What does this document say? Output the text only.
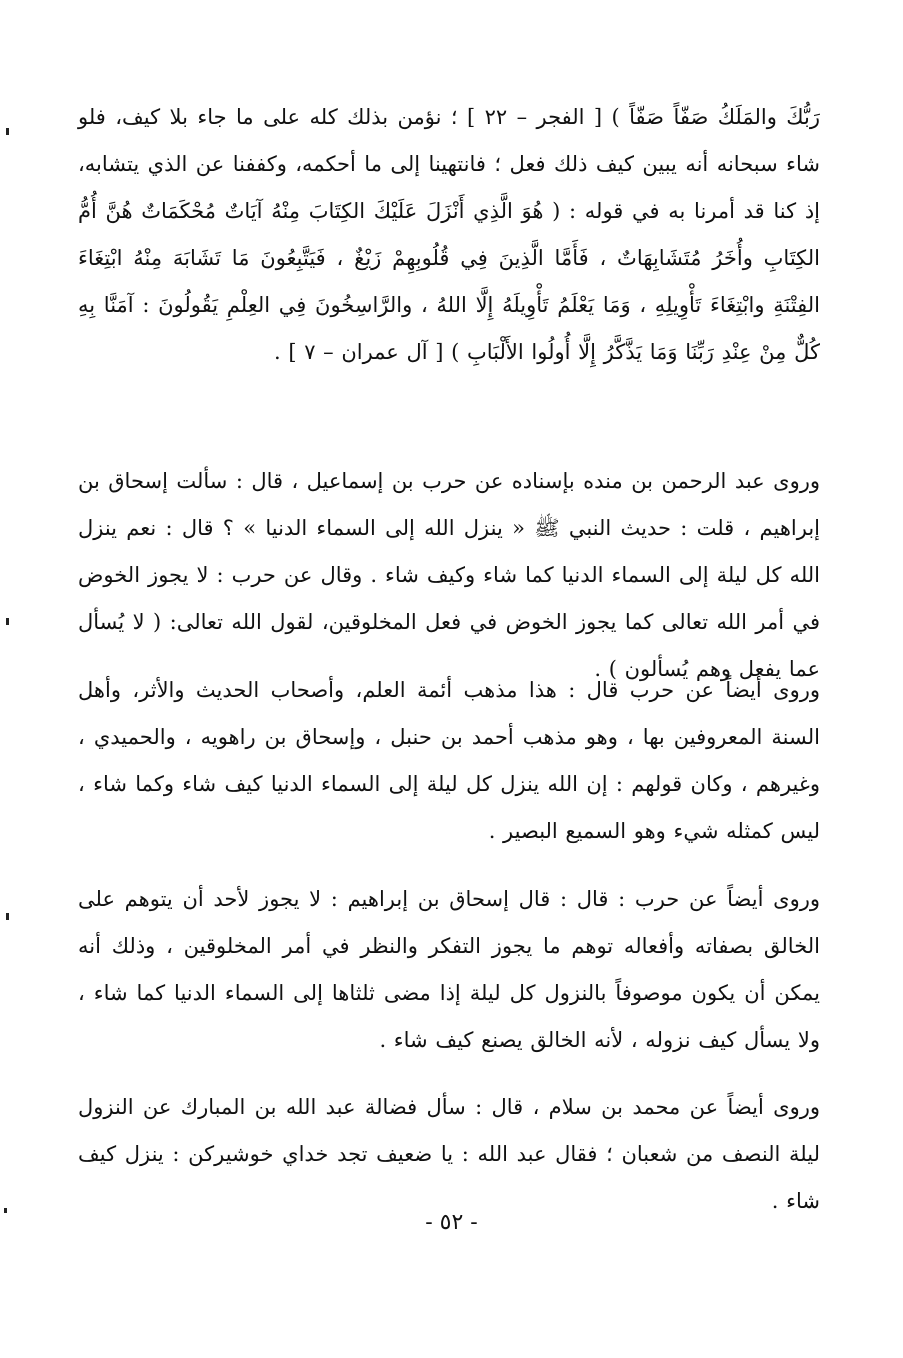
رَبُّكَ والمَلَكُ صَفّاً صَفّاً ) [ الفجر – ٢٢ ] ؛ نؤمن بذلك كله على ما جاء بلا كيف، فلو شاء سبحانه أنه يبين كيف ذلك فعل ؛ فانتهينا إلى ما أحكمه، وكففنا عن الذي يتشابه، إذ كنا قد أمرنا به في قوله : ( هُوَ الَّذِي أَنْزَلَ عَلَيْكَ الكِتَابَ مِنْهُ آيَاتٌ مُحْكَمَاتٌ هُنَّ أُمُّ الكِتَابِ وأُخَرُ مُتَشَابِهَاتٌ ، فَأَمَّا الَّذِينَ فِي قُلُوبِهِمْ زَيْغٌ ، فَيَتَّبِعُونَ مَا تَشَابَهَ مِنْهُ ابْتِغَاءَ الفِتْنَةِ وابْتِغَاءَ تَأْوِيلِهِ ، وَمَا يَعْلَمُ تَأْوِيلَهُ إِلَّا اللهُ ، والرَّاسِخُونَ فِي العِلْمِ يَقُولُونَ : آمَنَّا بِهِ كُلٌّ مِنْ عِنْدِ رَبِّنَا وَمَا يَذَّكَّرُ إِلَّا أُولُوا الأَلْبَابِ ) [ آل عمران – ٧ ] .

وروى عبد الرحمن بن منده بإسناده عن حرب بن إسماعيل ، قال : سألت إسحاق بن إبراهيم ، قلت : حديث النبي ﷺ « ينزل الله إلى السماء الدنيا » ؟ قال : نعم ينزل الله كل ليلة إلى السماء الدنيا كما شاء وكيف شاء . وقال عن حرب : لا يجوز الخوض في أمر الله تعالى كما يجوز الخوض في فعل المخلوقين، لقول الله تعالى: ( لا يُسأل عما يفعل وهم يُسألون ) .

وروى أيضاً عن حرب قال : هذا مذهب أئمة العلم، وأصحاب الحديث والأثر، وأهل السنة المعروفين بها ، وهو مذهب أحمد بن حنبل ، وإسحاق بن راهويه ، والحميدي ، وغيرهم ، وكان قولهم : إن الله ينزل كل ليلة إلى السماء الدنيا كيف شاء وكما شاء ، ليس كمثله شيء وهو السميع البصير .

وروى أيضاً عن حرب : قال : قال إسحاق بن إبراهيم : لا يجوز لأحد أن يتوهم على الخالق بصفاته وأفعاله توهم ما يجوز التفكر والنظر في أمر المخلوقين ، وذلك أنه يمكن أن يكون موصوفاً بالنزول كل ليلة إذا مضى ثلثاها إلى السماء الدنيا كما شاء ، ولا يسأل كيف نزوله ، لأنه الخالق يصنع كيف شاء .

وروى أيضاً عن محمد بن سلام ، قال : سأل فضالة عبد الله بن المبارك عن النزول ليلة النصف من شعبان ؛ فقال عبد الله : يا ضعيف تجد خداي خوشيركن : ينزل كيف شاء .

- ٥٢ -
